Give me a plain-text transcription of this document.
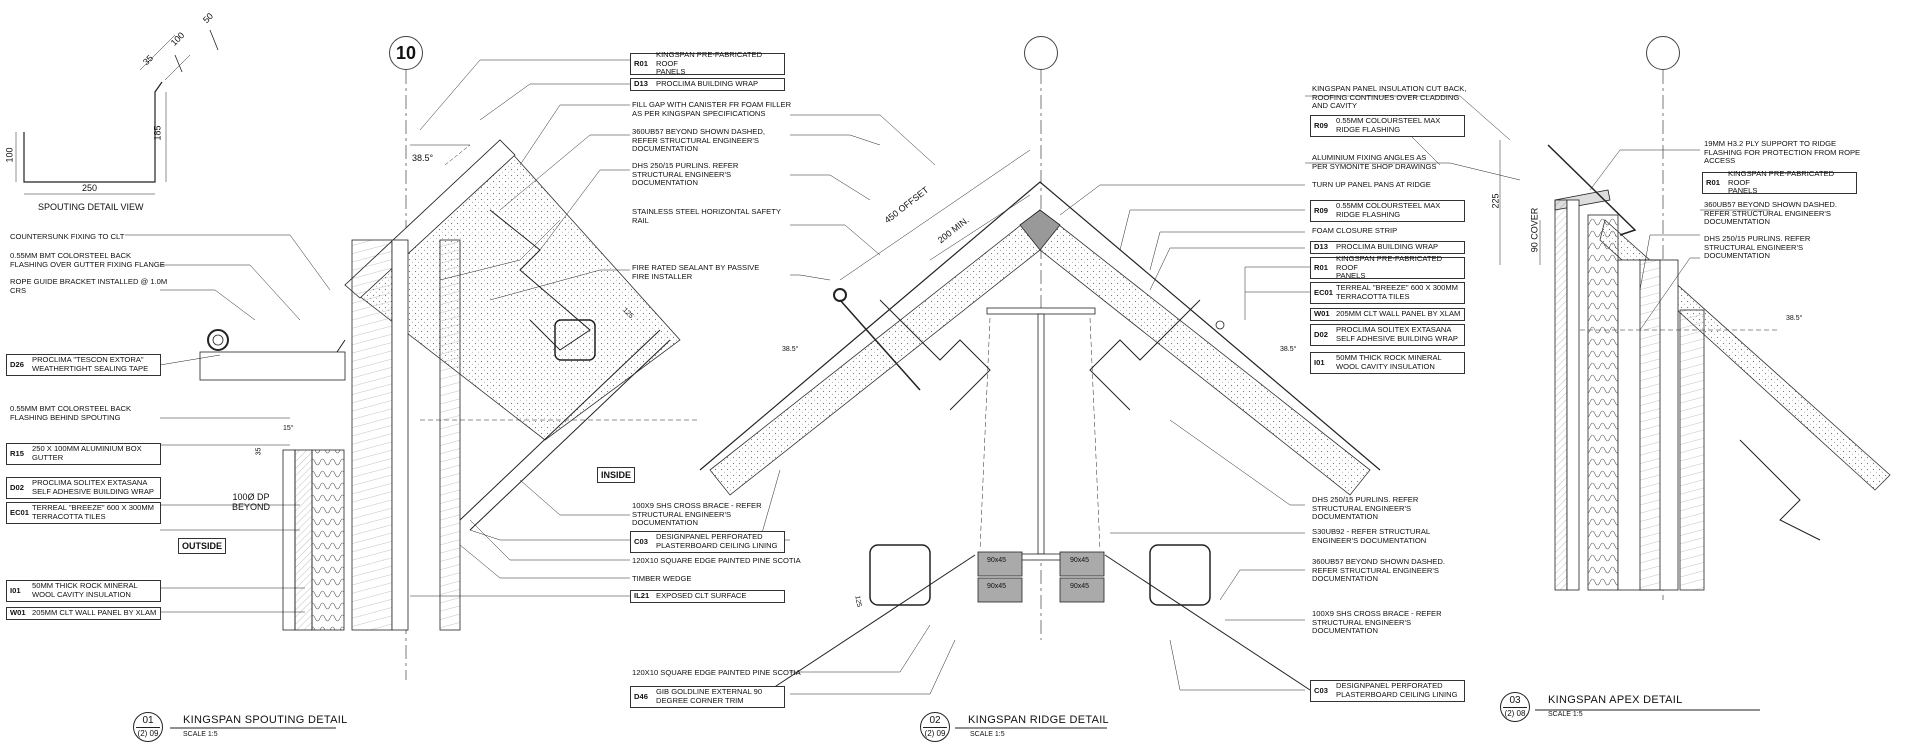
SPOUTING DETAIL VIEW
100
250
185
35
100
50
10
COUNTERSUNK FIXING TO CLT
0.55MM BMT COLORSTEEL BACK
FLASHING OVER GUTTER FIXING FLANGE
ROPE GUIDE BRACKET INSTALLED @ 1.0M
CRS
0.55MM BMT COLORSTEEL BACK
FLASHING BEHIND SPOUTING
D26	PROCLIMA "TESCON EXTORA"
WEATHERTIGHT SEALING TAPE
R15	250 X 100MM ALUMINIUM BOX
GUTTER
D02	PROCLIMA SOLITEX EXTASANA
SELF ADHESIVE BUILDING WRAP
EC01 TERREAL "BREEZE" 600 X 300MM
TERRACOTTA TILES
I01	50MM THICK ROCK MINERAL
WOOL CAVITY INSULATION
W01 205MM CLT WALL PANEL BY XLAM
R01
KINGSPAN PRE-FABRICATED ROOF
PANELS
D13	PROCLIMA BUILDING WRAP
C03	DESIGNPANEL PERFORATED
PLASTERBOARD CEILING LINING
IL21 EXPOSED CLT SURFACE
FILL GAP WITH CANISTER FR FOAM FILLER
AS PER KINGSPAN SPECIFICATIONS
360UB57 BEYOND SHOWN DASHED,
REFER STRUCTURAL ENGINEER'S
DOCUMENTATION
DHS 250/15 PURLINS. REFER
STRUCTURAL ENGINEER'S
DOCUMENTATION
STAINLESS STEEL HORIZONTAL SAFETY
RAIL
FIRE RATED SEALANT BY PASSIVE
FIRE INSTALLER
100X9 SHS CROSS BRACE - REFER
STRUCTURAL ENGINEER'S
DOCUMENTATION
120X10 SQUARE EDGE PAINTED PINE SCOTIA
TIMBER WEDGE
OUTSIDE
INSIDE
100Ø DP
BEYOND
38.5°
15°
35
125
450 OFFSET
200 MIN.
38.5°	38.5°
125
90x45
90x45
90x45
90x45
120X10 SQUARE EDGE PAINTED PINE SCOTIA
D46	GIB GOLDLINE EXTERNAL 90
DEGREE CORNER TRIM
C03	DESIGNPANEL PERFORATED
PLASTERBOARD CEILING LINING
DHS 250/15 PURLINS. REFER
STRUCTURAL ENGINEER'S
DOCUMENTATION
S30UB92 - REFER STRUCTURAL
ENGINEER'S DOCUMENTATION
360UB57 BEYOND SHOWN DASHED.
REFER STRUCTURAL ENGINEER'S
DOCUMENTATION
100X9 SHS CROSS BRACE - REFER
STRUCTURAL ENGINEER'S
DOCUMENTATION
KINGSPAN PANEL INSULATION CUT BACK,
ROOFING CONTINUES OVER CLADDING
AND CAVITY
R09	0.55MM COLOURSTEEL MAX
RIDGE FLASHING
ALUMINIUM FIXING ANGLES AS
PER SYMONITE SHOP DRAWINGS
TURN UP PANEL PANS AT RIDGE
R09	0.55MM COLOURSTEEL MAX
RIDGE FLASHING
FOAM CLOSURE STRIP
D13	PROCLIMA BUILDING WRAP
R01
KINGSPAN PRE-FABRICATED ROOF
PANELS
EC01 TERREAL "BREEZE" 600 X 300MM
TERRACOTTA TILES
W01 205MM CLT WALL PANEL BY XLAM
D02	PROCLIMA SOLITEX EXTASANA
SELF ADHESIVE BUILDING WRAP
I01	50MM THICK ROCK MINERAL
WOOL CAVITY INSULATION
19MM H3.2 PLY SUPPORT TO RIDGE
FLASHING FOR PROTECTION FROM ROPE
ACCESS
R01
KINGSPAN PRE-FABRICATED ROOF
PANELS
360UB57 BEYOND SHOWN DASHED.
REFER STRUCTURAL ENGINEER'S
DOCUMENTATION
DHS 250/15 PURLINS. REFER
STRUCTURAL ENGINEER'S
DOCUMENTATION
225
90 COVER
38.5°
01
(2) 09
KINGSPAN SPOUTING DETAIL
SCALE 1:5
02
(2) 09
KINGSPAN RIDGE DETAIL
SCALE 1:5
03
(2) 08
KINGSPAN APEX DETAIL
SCALE 1:5
